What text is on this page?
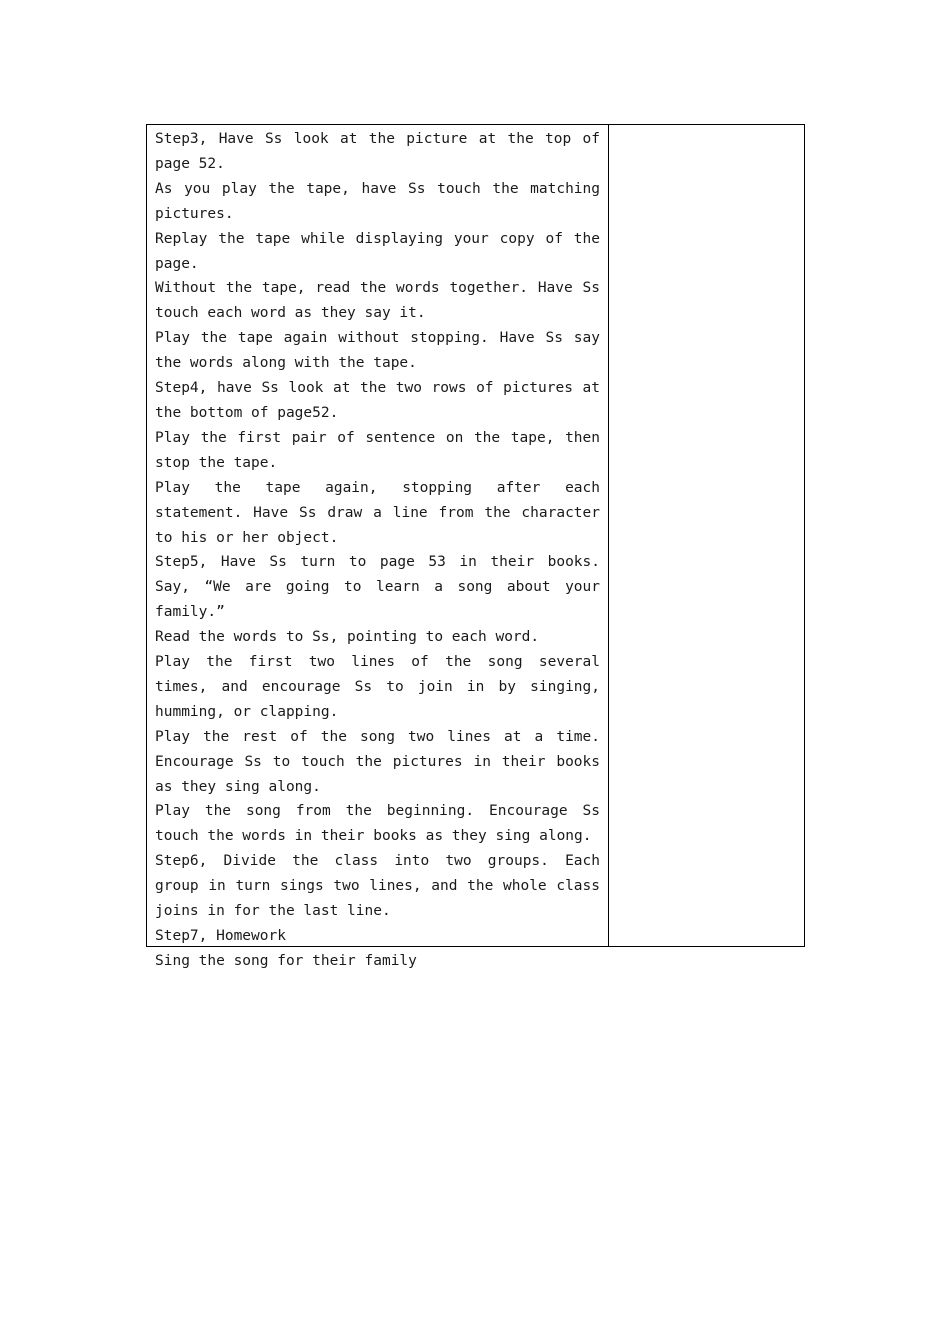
Step3, Have Ss look at the picture at the top of page 52.

As you play the tape, have Ss touch the matching pictures.

Replay the tape while displaying your copy of the page.

Without the tape, read the words together. Have Ss touch each word as they say it.

Play the tape again without stopping. Have Ss say the words along with the tape.

Step4, have Ss look at the two rows of pictures at the bottom of page52.

Play the first pair of sentence on the tape, then stop the tape.

Play the tape again, stopping after each statement. Have Ss draw a line from the character to his or her object.

Step5, Have Ss turn to page 53 in their books. Say, “We are going to learn a song about your family.”

Read the words to Ss, pointing to each word.

Play the first two lines of the song several times, and encourage Ss to join in by singing, humming, or clapping.

Play the rest of the song two lines at a time. Encourage Ss to touch the pictures in their books as they sing along.

Play the song from the beginning. Encourage Ss touch the words in their books as they sing along.

Step6, Divide the class into two groups. Each group in turn sings two lines, and the whole class joins in for the last line.

Step7, Homework

Sing the song for their family
